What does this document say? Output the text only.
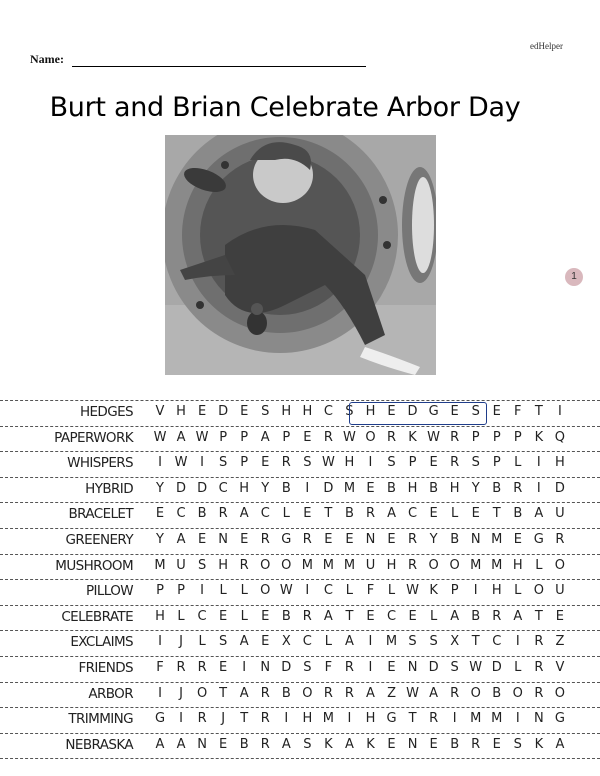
edHelper
Name:
Burt and Brian Celebrate Arbor Day
1
HEDGES	V H E D E S H H C S H E D G E S E	F	T	I
PAPERWORK W A W P	P A P	E R W O R K W R P	P	P K Q
WHISPERS	I W I	S	P	E R S W H	I	S	P	E R S	P	L	I	H
HYBRID	Y D D C H Y B	I	D M E B H B H Y B R	I	D
BRACELET	E C B R A C L	E T B R A C E	L	E T B A U
GREENERY	Y A E N E R G R E E N E R Y B N M E G R
MUSHROOM	M U S H R O O M M M U H R O O M M H L O
PILLOW	P	P	I	L	L O W I	C L	F	L W K P	I	H L O U
CELEBRATE	H L C E	L	E B R A T E C E	L A B R A T E
EXCLAIMS	I	J	L	S A E X C L A	I	M S S X T C	I	R Z
FRIENDS	F R R E	I	N D S	F R	I	E N D S W D L R V
ARBOR	I	J	O T A R B O R R A Z W A R O B O R O
TRIMMING	G	I	R	J	T R	I	H M	I	H G T R	I	M M	I	N G
NEBRASKA	A A N E B R A S K A K E N E B R E S K A
